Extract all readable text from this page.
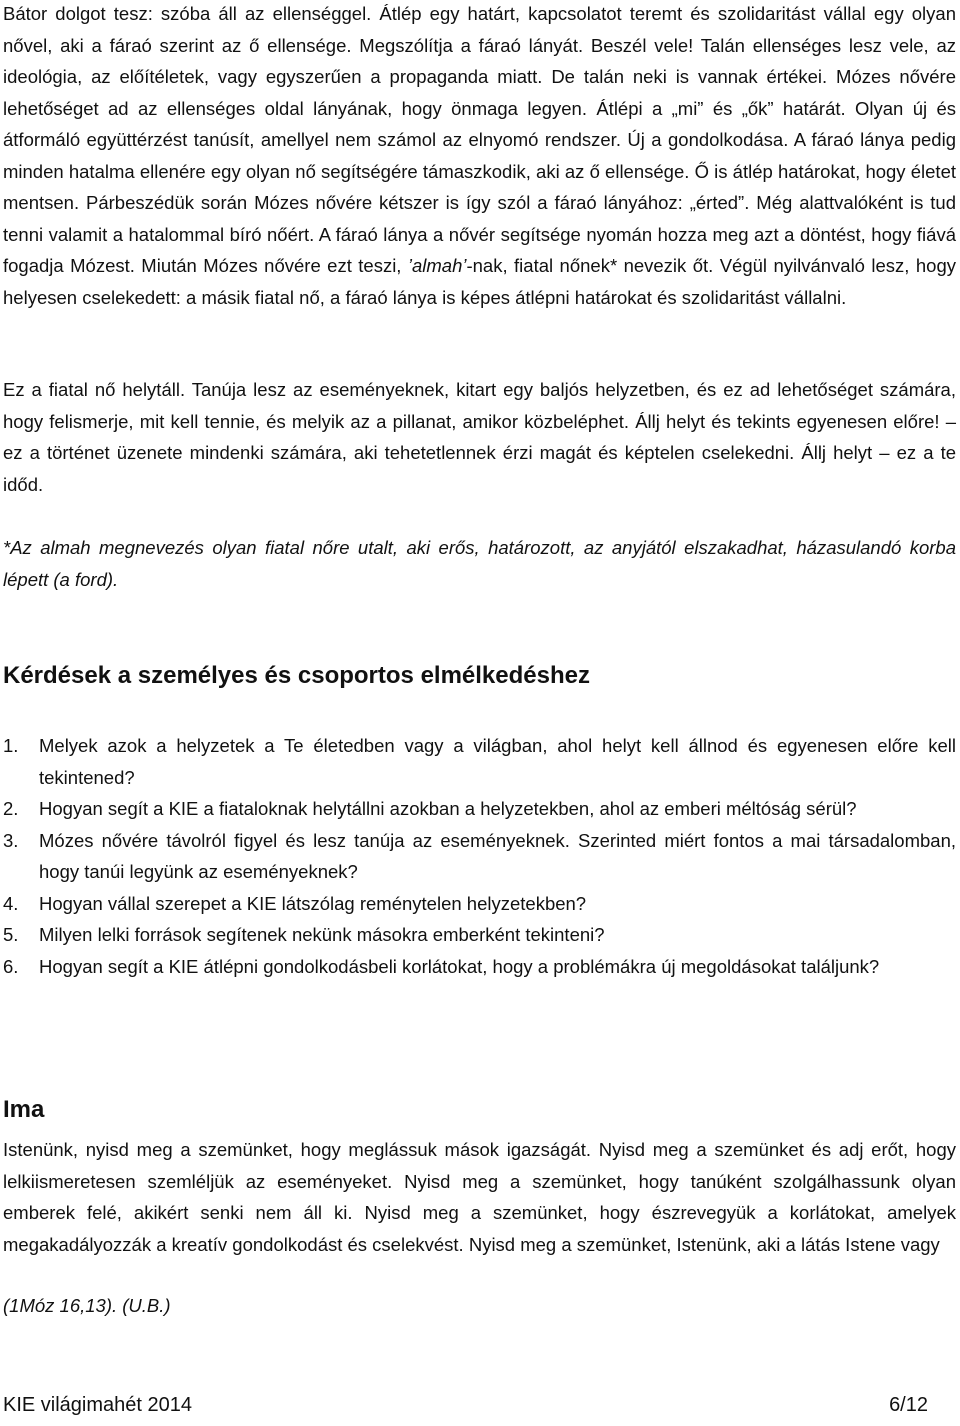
Bátor dolgot tesz: szóba áll az ellenséggel. Átlép egy határt, kapcsolatot teremt és szolidaritást vállal egy olyan nővel, aki a fáraó szerint az ő ellensége. Megszólítja a fáraó lányát. Beszél vele! Talán ellenséges lesz vele, az ideológia, az előítéletek, vagy egyszerűen a propaganda miatt. De talán neki is vannak értékei. Mózes nővére lehetőséget ad az ellenséges oldal lányának, hogy önmaga legyen. Átlépi a „mi” és „ők” határát. Olyan új és átformáló együttérzést tanúsít, amellyel nem számol az elnyomó rendszer. Új a gondolkodása. A fáraó lánya pedig minden hatalma ellenére egy olyan nő segítségére támaszkodik, aki az ő ellensége. Ő is átlép határokat, hogy életet mentsen. Párbeszédük során Mózes nővére kétszer is így szól a fáraó lányához: „érted”. Még alattvalóként is tud tenni valamit a hatalommal bíró nőért. A fáraó lánya a nővér segítsége nyomán hozza meg azt a döntést, hogy fiává fogadja Mózest. Miután Mózes nővére ezt teszi, ’almah’-nak, fiatal nőnek* nevezik őt. Végül nyilvánvaló lesz, hogy helyesen cselekedett: a másik fiatal nő, a fáraó lánya is képes átlépni határokat és szolidaritást vállalni.

Ez a fiatal nő helytáll. Tanúja lesz az eseményeknek, kitart egy baljós helyzetben, és ez ad lehetőséget számára, hogy felismerje, mit kell tennie, és melyik az a pillanat, amikor közbeléphet. Állj helyt és tekints egyenesen előre! – ez a történet üzenete mindenki számára, aki tehetetlennek érzi magát és képtelen cselekedni. Állj helyt – ez a te időd.

*Az almah megnevezés olyan fiatal nőre utalt, aki erős, határozott, az anyjától elszakadhat, házasulandó korba lépett (a ford).

Kérdések a személyes és csoportos elmélkedéshez
1.	Melyek azok a helyzetek a Te életedben vagy a világban, ahol helyt kell állnod és egyenesen előre kell tekintened?
2.	Hogyan segít a KIE a fiataloknak helytállni azokban a helyzetekben, ahol az emberi méltóság sérül?
3.	Mózes nővére távolról figyel és lesz tanúja az eseményeknek. Szerinted miért fontos a mai társadalomban, hogy tanúi legyünk az eseményeknek?
4.	Hogyan vállal szerepet a KIE látszólag reménytelen helyzetekben?
5.	Milyen lelki források segítenek nekünk másokra emberként tekinteni?
6.	Hogyan segít a KIE átlépni gondolkodásbeli korlátokat, hogy a problémákra új megoldásokat találjunk?
Ima

Istenünk, nyisd meg a szemünket, hogy meglássuk mások igazságát. Nyisd meg a szemünket és adj erőt, hogy lelkiismeretesen szemléljük az eseményeket. Nyisd meg a szemünket, hogy tanúként szolgálhassunk olyan emberek felé, akikért senki nem áll ki. Nyisd meg a szemünket, hogy észrevegyük a korlátokat, amelyek megakadályozzák a kreatív gondolkodást és cselekvést. Nyisd meg a szemünket, Istenünk, aki a látás Istene vagy

(1Móz 16,13). (U.B.)
KIE világimahét 2014	6/12
